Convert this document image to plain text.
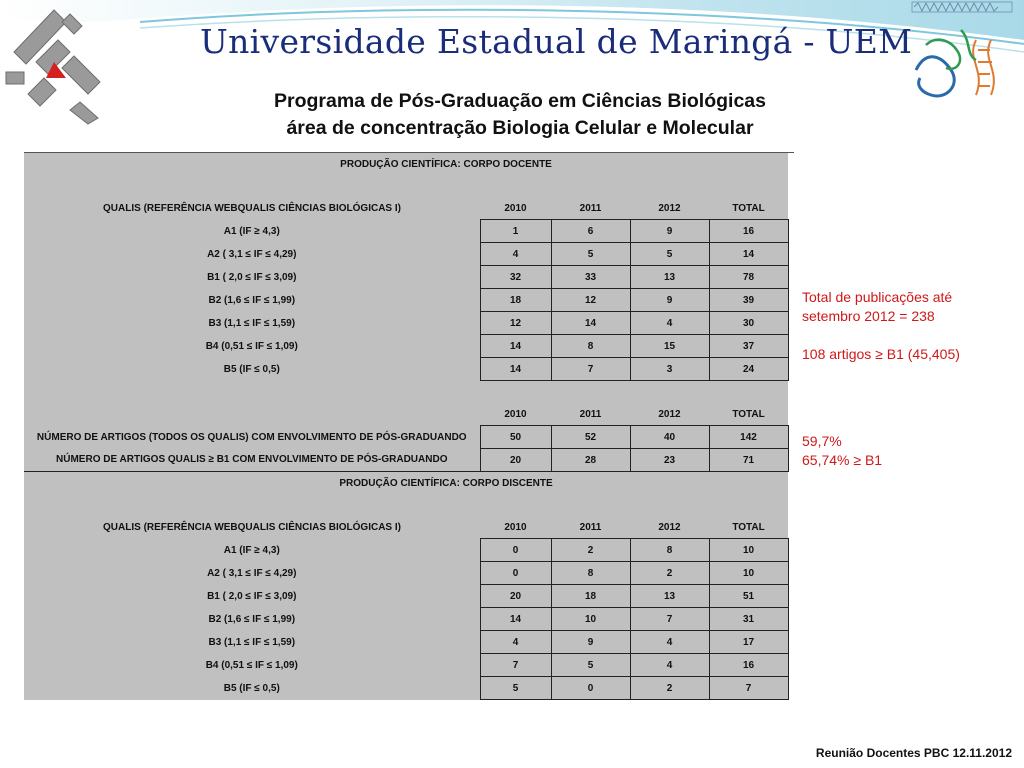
Universidade Estadual de Maringá - UEM
Programa de Pós-Graduação em Ciências Biológicas
área de concentração Biologia Celular e Molecular
PRODUÇÃO CIENTÍFICA: CORPO DOCENTE					

QUALIS (REFERÊNCIA WEBQUALIS CIÊNCIAS BIOLÓGICAS I)	2010	2011	2012	TOTAL	
A1 (IF ≥ 4,3)	1	6	9	16	
A2 ( 3,1 ≤ IF ≤ 4,29)	4	5	5	14	
B1 ( 2,0 ≤ IF ≤ 3,09)	32	33	13	78	
B2 (1,6 ≤ IF ≤ 1,99)	18	12	9	39	
B3 (1,1 ≤ IF ≤ 1,59)	12	14	4	30	
B4 (0,51 ≤ IF ≤ 1,09)	14	8	15	37	
B5 (IF ≤ 0,5)	14	7	3	24	

	2010	2011	2012	TOTAL	
NÚMERO DE ARTIGOS (TODOS OS QUALIS) COM ENVOLVIMENTO DE PÓS-GRADUANDO	50	52	40	142	
NÚMERO DE ARTIGOS QUALIS ≥ B1 COM ENVOLVIMENTO DE PÓS-GRADUANDO	20	28	23	71	
PRODUÇÃO CIENTÍFICA: CORPO DISCENTE					

QUALIS (REFERÊNCIA WEBQUALIS CIÊNCIAS BIOLÓGICAS I)	2010	2011	2012	TOTAL	
A1 (IF ≥ 4,3)	0	2	8	10	
A2 ( 3,1 ≤ IF ≤ 4,29)	0	8	2	10	
B1 ( 2,0 ≤ IF ≤ 3,09)	20	18	13	51	
B2 (1,6 ≤ IF ≤ 1,99)	14	10	7	31	
B3 (1,1 ≤ IF ≤ 1,59)	4	9	4	17	
B4 (0,51 ≤ IF ≤ 1,09)	7	5	4	16	
B5 (IF ≤ 0,5)	5	0	2	7	

Total de publicações até

setembro 2012 = 238

108 artigos ≥ B1 (45,405)

59,7%
65,74% ≥ B1
Reunião Docentes PBC 12.11.2012
